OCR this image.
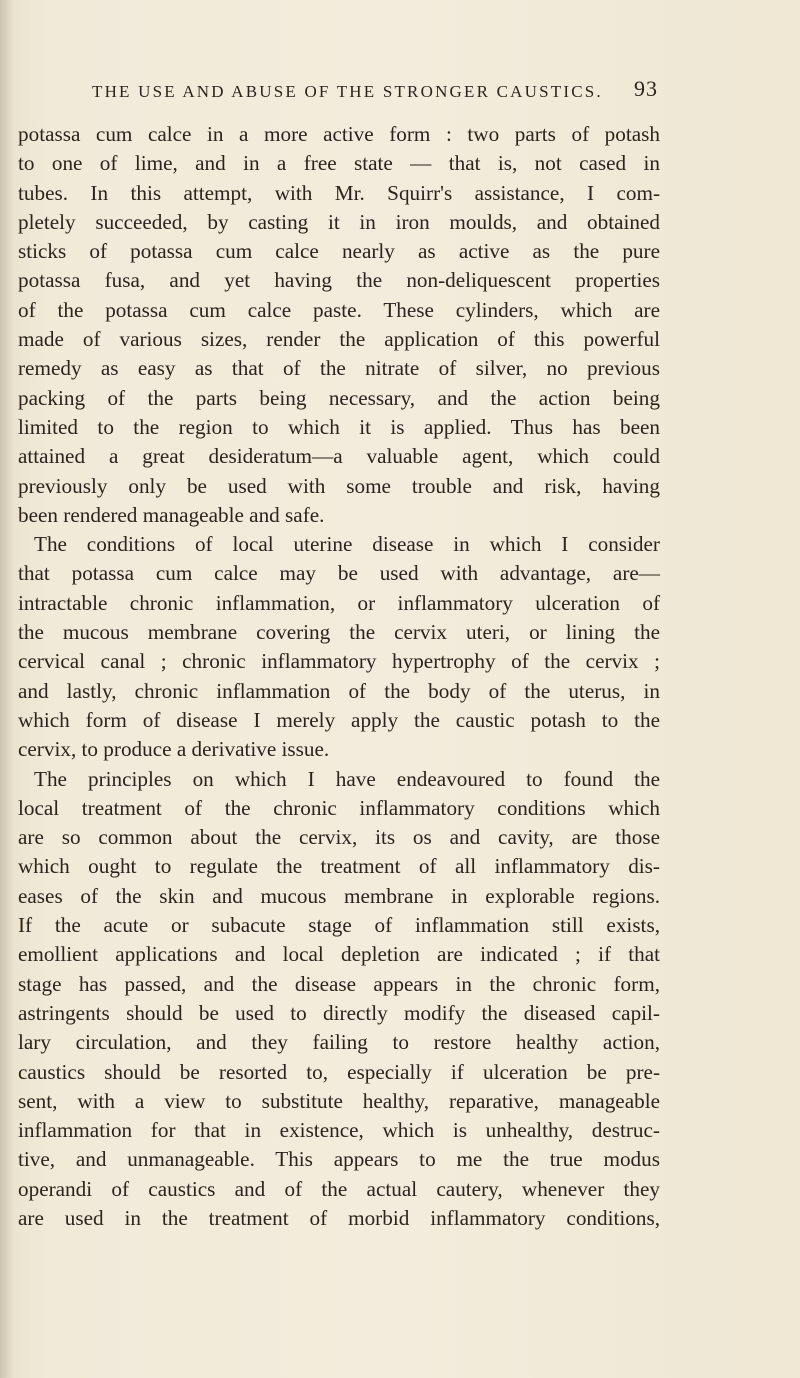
THE USE AND ABUSE OF THE STRONGER CAUSTICS.	93
potassa cum calce in a more active form : two parts of potash
to one of lime, and in a free state — that is, not cased in
tubes. In this attempt, with Mr. Squirr's assistance, I com-
pletely succeeded, by casting it in iron moulds, and obtained
sticks of potassa cum calce nearly as active as the pure
potassa fusa, and yet having the non-deliquescent properties
of the potassa cum calce paste. These cylinders, which are
made of various sizes, render the application of this powerful
remedy as easy as that of the nitrate of silver, no previous
packing of the parts being necessary, and the action being
limited to the region to which it is applied. Thus has been
attained a great desideratum—a valuable agent, which could
previously only be used with some trouble and risk, having
been rendered manageable and safe.
The conditions of local uterine disease in which I consider
that potassa cum calce may be used with advantage, are—
intractable chronic inflammation, or inflammatory ulceration of
the mucous membrane covering the cervix uteri, or lining the
cervical canal ; chronic inflammatory hypertrophy of the cervix ;
and lastly, chronic inflammation of the body of the uterus, in
which form of disease I merely apply the caustic potash to the
cervix, to produce a derivative issue.
The principles on which I have endeavoured to found the
local treatment of the chronic inflammatory conditions which
are so common about the cervix, its os and cavity, are those
which ought to regulate the treatment of all inflammatory dis-
eases of the skin and mucous membrane in explorable regions.
If the acute or subacute stage of inflammation still exists,
emollient applications and local depletion are indicated ; if that
stage has passed, and the disease appears in the chronic form,
astringents should be used to directly modify the diseased capil-
lary circulation, and they failing to restore healthy action,
caustics should be resorted to, especially if ulceration be pre-
sent, with a view to substitute healthy, reparative, manageable
inflammation for that in existence, which is unhealthy, destruc-
tive, and unmanageable. This appears to me the true modus
operandi of caustics and of the actual cautery, whenever they
are used in the treatment of morbid inflammatory conditions,
